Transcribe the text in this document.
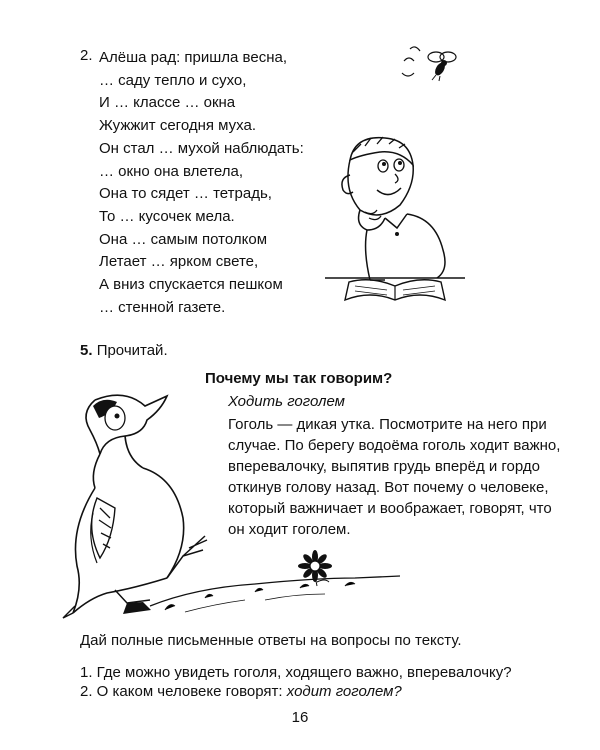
2. Алёша рад: пришла весна,
… саду тепло и сухо,
И … классе … окна
Жужжит сегодня муха.
Он стал … мухой наблюдать:
… окно она влетела,
Она то сядет … тетрадь,
То … кусочек мела.
Она … самым потолком
Летает … ярком свете,
А вниз спускается пешком
… стенной газете.
5. Прочитай.
Почему мы так говорим?
Ходить гоголем
Гоголь — дикая утка. Посмотрите на него при
случае. По берегу водоёма гоголь ходит важно,
вперевалочку, выпятив грудь вперёд и гордо
откинув голову назад. Вот почему о человеке,
который важничает и воображает, говорят, что
он ходит гоголем.
Дай полные письменные ответы на вопросы по тексту.
1. Где можно увидеть гоголя, ходящего важно, вперевалочку?
2. О каком человеке говорят: ходит гоголем?
16
